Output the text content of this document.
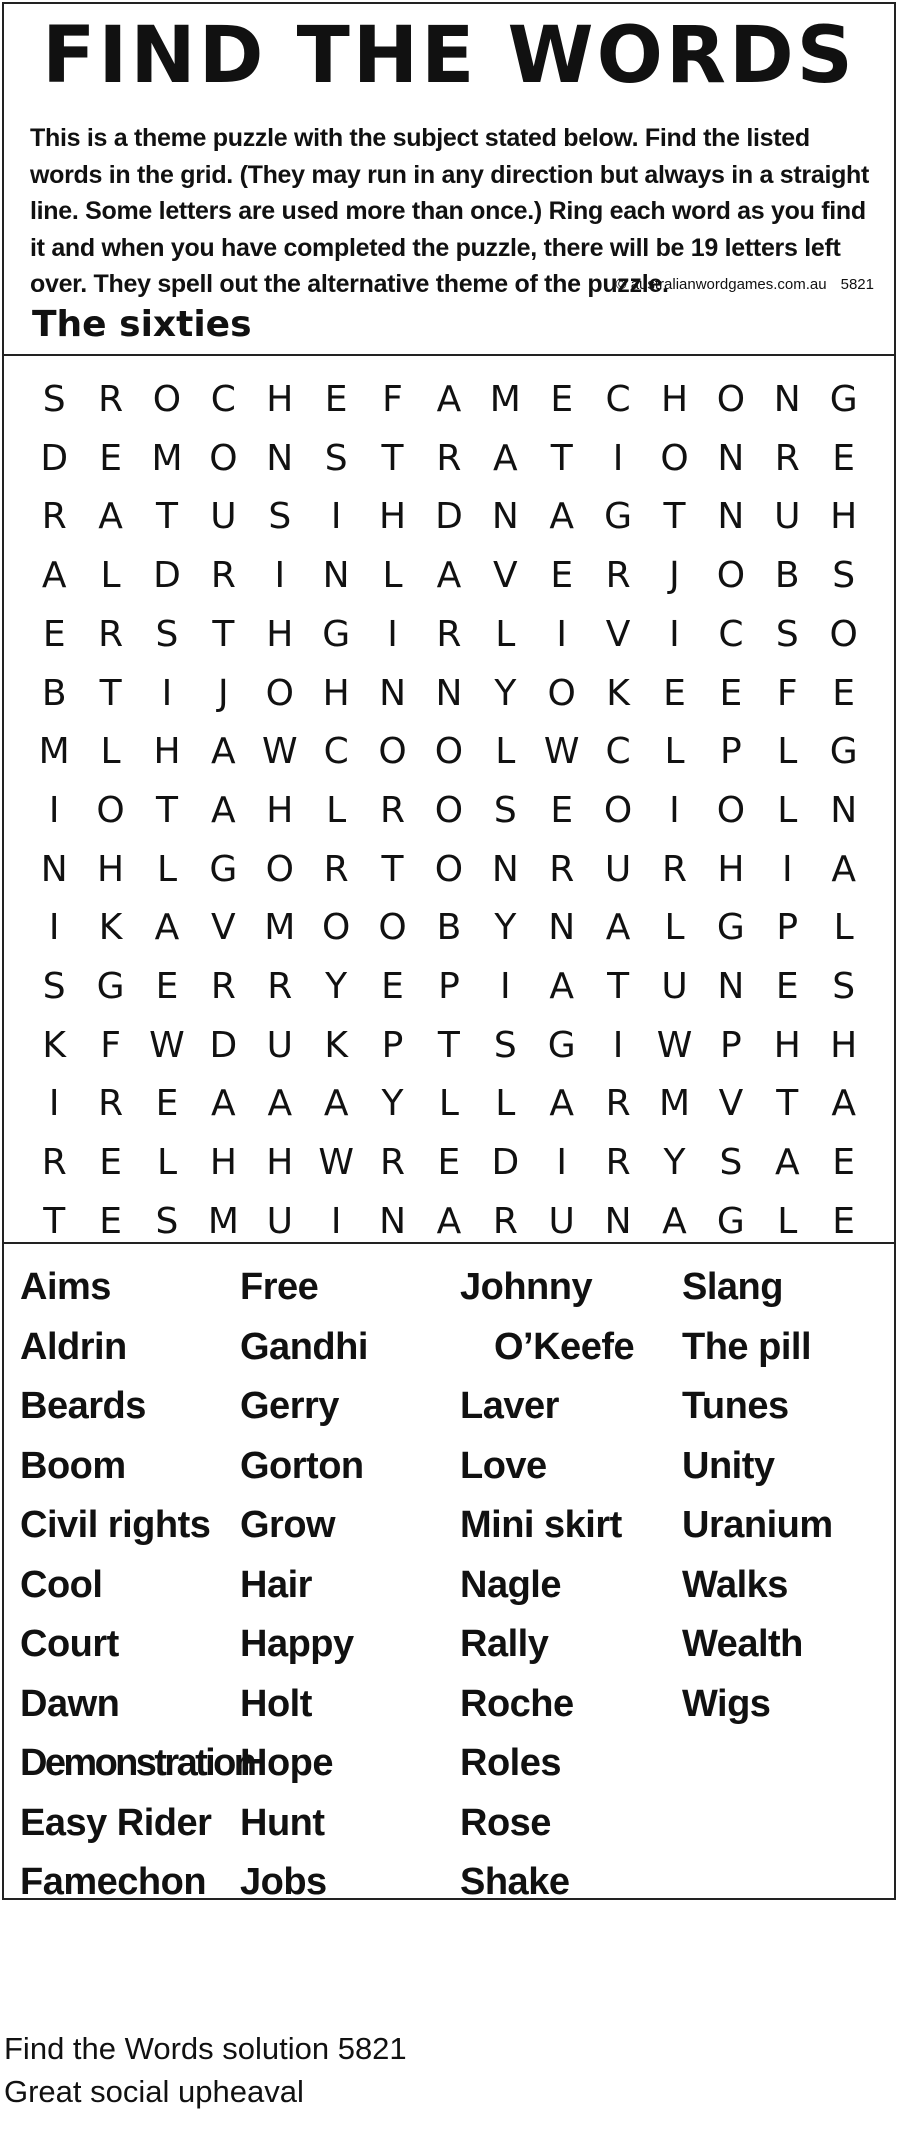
FIND THE WORDS
This is a theme puzzle with the subject stated below. Find the listed words in the grid. (They may run in any direction but always in a straight line. Some letters are used more than once.) Ring each word as you find it and when you have completed the puzzle, there will be 19 letters left over. They spell out the alternative theme of the puzzle.
© australianwordgames.com.au 5821
The sixties
S R O C H E F A M E C H O N G
D E M O N S T R A T	I	O N R E
R A T U S	I	H D N A G T N U H
A L D R	I	N L A V E R	J	O B S
E R S T H G	I	R L	I	V	I	C S O
B T	I	J	O H N N Y O K E E F E
M L H A W C O O L W C L P L G
I	O T A H L R O S E O	I	O L N
N H L G O R T O N R U R H	I	A
I	K A V M O O B Y N A L G P L
S G E R R Y E P	I	A T U N E S
K F W D U K P T S G	I W P H H
I	R E A A A Y L	L A R M V T A
R E L H H W R E D	I	R Y S A E
T E S M U	I	N A R U N A G L E
Aims
Aldrin
Beards
Boom
Civil rights
Cool
Court
Dawn
Demonstration
Easy Rider
Famechon
Free
Gandhi
Gerry
Gorton
Grow
Hair
Happy
Holt
Hope
Hunt
Jobs
Johnny
O’Keefe
Laver
Love
Mini skirt
Nagle
Rally
Roche
Roles
Rose
Shake
Slang
The pill
Tunes
Unity
Uranium
Walks
Wealth
Wigs
Find the Words solution 5821
Great social upheaval
